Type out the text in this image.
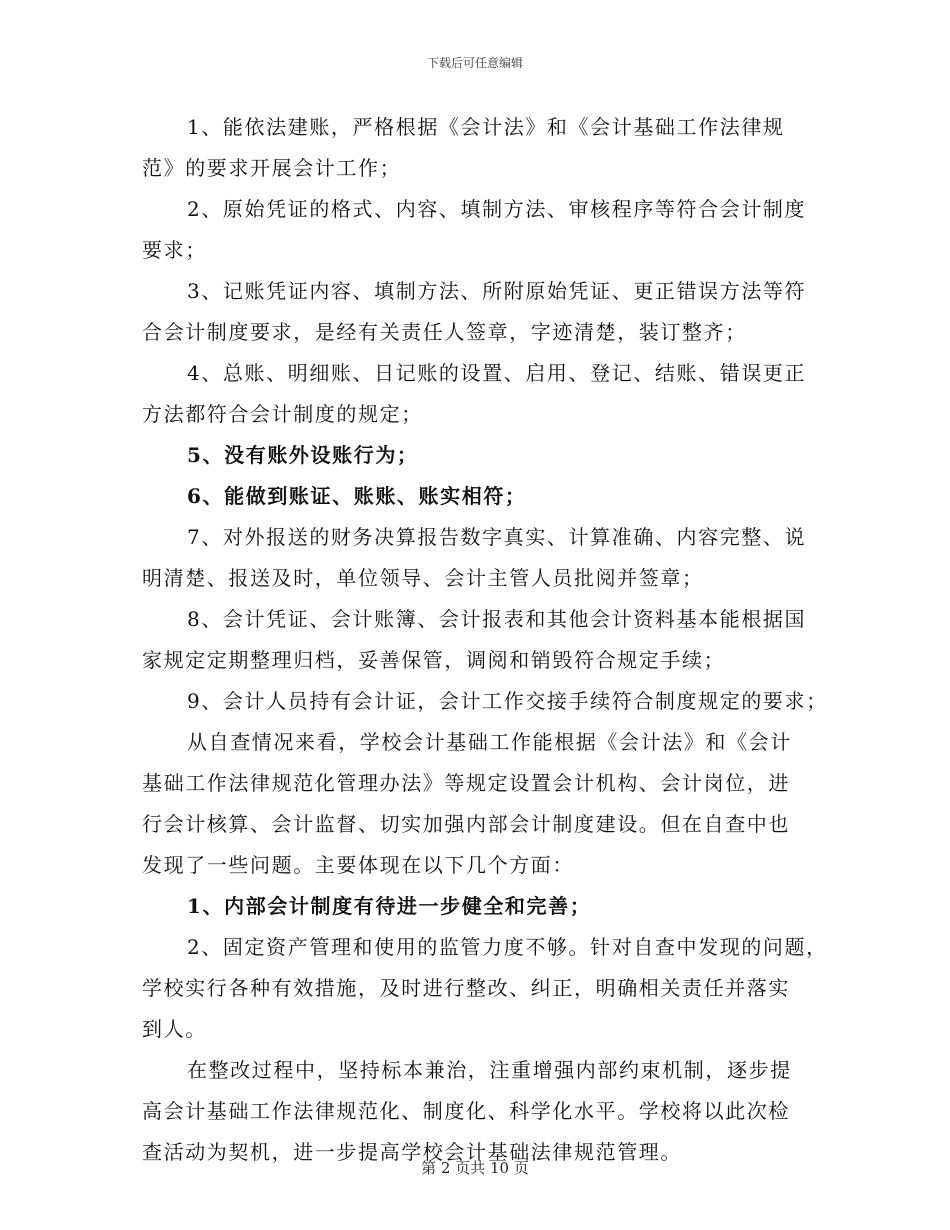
下载后可任意编辑

1、能依法建账，严格根据《会计法》和《会计基础工作法律规
范》的要求开展会计工作；

2、原始凭证的格式、内容、填制方法、审核程序等符合会计制度
要求；

3、记账凭证内容、填制方法、所附原始凭证、更正错误方法等符
合会计制度要求，是经有关责任人签章，字迹清楚，装订整齐；

4、总账、明细账、日记账的设置、启用、登记、结账、错误更正
方法都符合会计制度的规定；

5、没有账外设账行为；

6、能做到账证、账账、账实相符；

7、对外报送的财务决算报告数字真实、计算准确、内容完整、说
明清楚、报送及时，单位领导、会计主管人员批阅并签章；

8、会计凭证、会计账簿、会计报表和其他会计资料基本能根据国
家规定定期整理归档，妥善保管，调阅和销毁符合规定手续；

9、会计人员持有会计证，会计工作交接手续符合制度规定的要求；

从自查情况来看，学校会计基础工作能根据《会计法》和《会计
基础工作法律规范化管理办法》等规定设置会计机构、会计岗位，进
行会计核算、会计监督、切实加强内部会计制度建设。但在自查中也
发现了一些问题。主要体现在以下几个方面：

1、内部会计制度有待进一步健全和完善；

2、固定资产管理和使用的监管力度不够。针对自查中发现的问题，
学校实行各种有效措施，及时进行整改、纠正，明确相关责任并落实
到人。

在整改过程中，坚持标本兼治，注重增强内部约束机制，逐步提
高会计基础工作法律规范化、制度化、科学化水平。学校将以此次检
查活动为契机，进一步提高学校会计基础法律规范管理。

第 2 页共 10 页
